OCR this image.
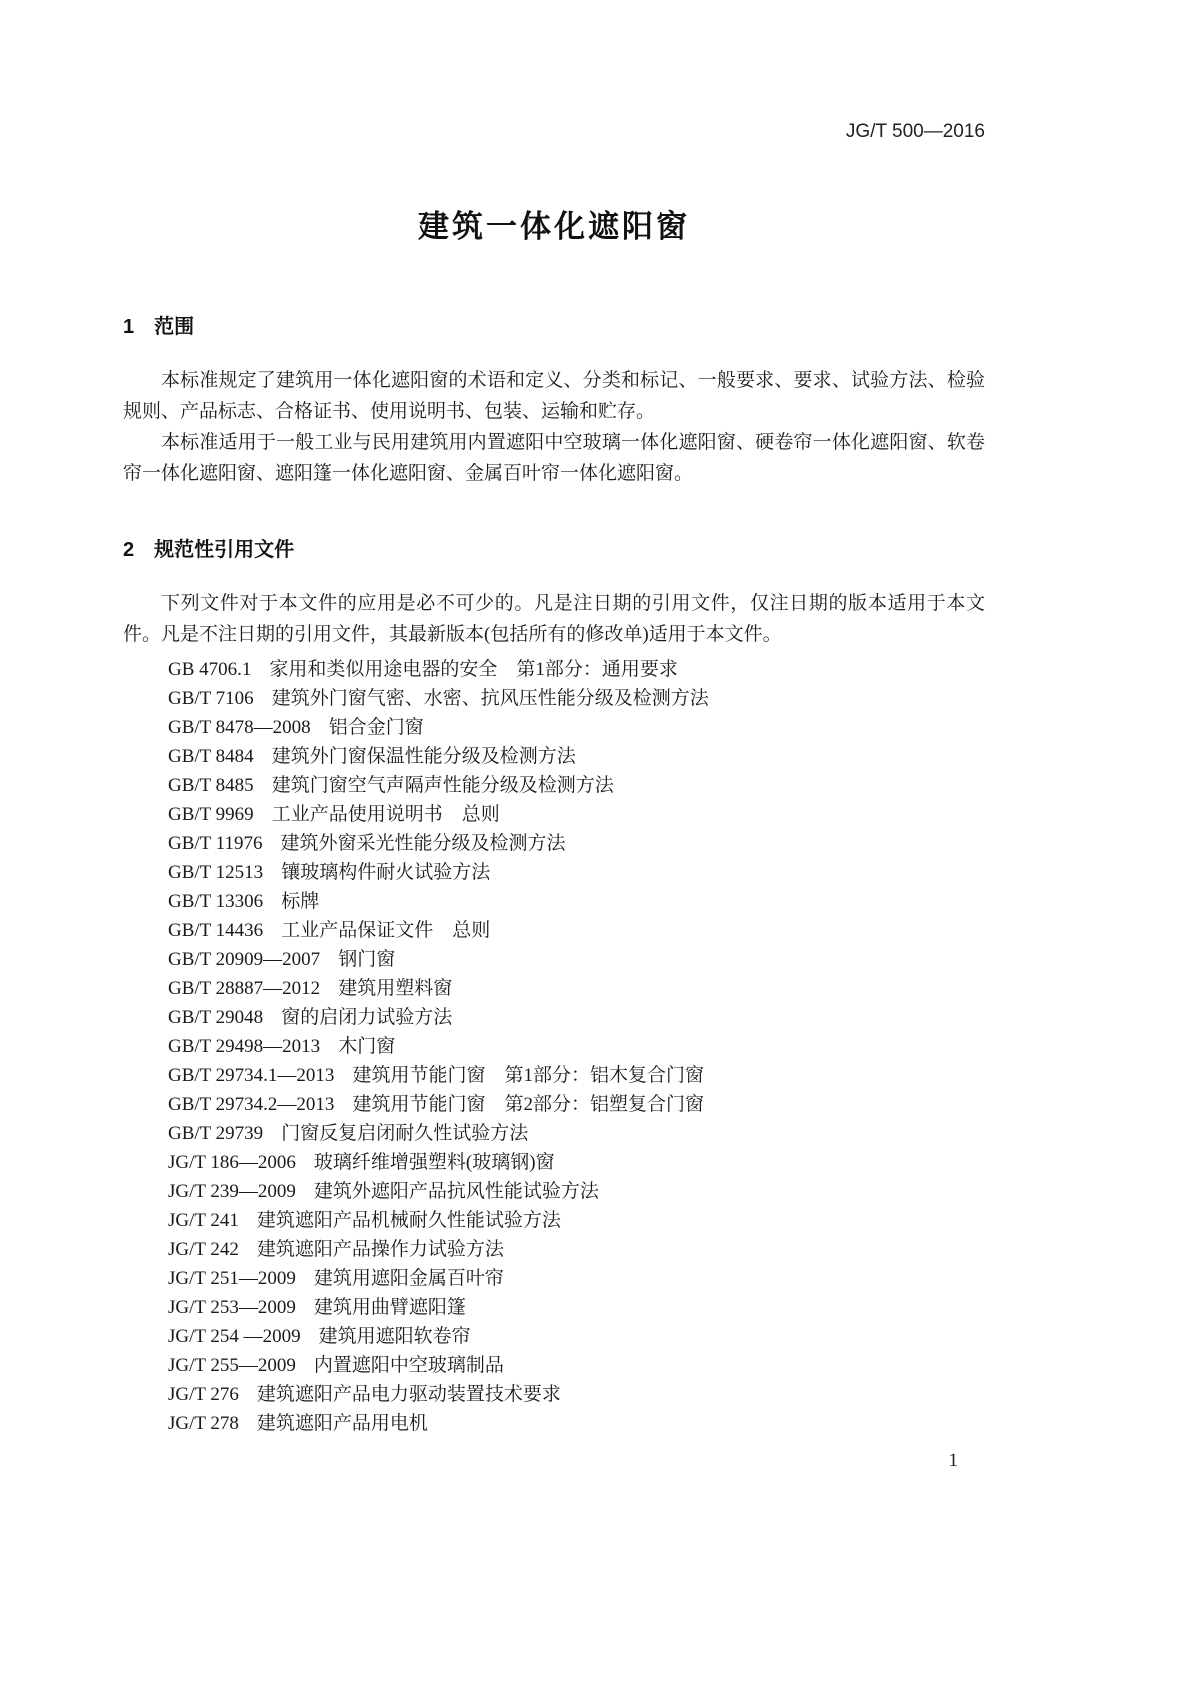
JG/T 500—2016
建筑一体化遮阳窗
1　范围

本标准规定了建筑用一体化遮阳窗的术语和定义、分类和标记、一般要求、要求、试验方法、检验规则、产品标志、合格证书、使用说明书、包装、运输和贮存。

本标准适用于一般工业与民用建筑用内置遮阳中空玻璃一体化遮阳窗、硬卷帘一体化遮阳窗、软卷帘一体化遮阳窗、遮阳篷一体化遮阳窗、金属百叶帘一体化遮阳窗。

2　规范性引用文件

下列文件对于本文件的应用是必不可少的。凡是注日期的引用文件，仅注日期的版本适用于本文件。凡是不注日期的引用文件，其最新版本(包括所有的修改单)适用于本文件。

GB 4706.1 家用和类似用途电器的安全　第1部分：通用要求
GB/T 7106 建筑外门窗气密、水密、抗风压性能分级及检测方法
GB/T 8478—2008 铝合金门窗
GB/T 8484 建筑外门窗保温性能分级及检测方法
GB/T 8485 建筑门窗空气声隔声性能分级及检测方法
GB/T 9969 工业产品使用说明书　总则
GB/T 11976 建筑外窗采光性能分级及检测方法
GB/T 12513 镶玻璃构件耐火试验方法
GB/T 13306 标牌
GB/T 14436 工业产品保证文件　总则
GB/T 20909—2007 钢门窗
GB/T 28887—2012 建筑用塑料窗
GB/T 29048 窗的启闭力试验方法
GB/T 29498—2013 木门窗
GB/T 29734.1—2013 建筑用节能门窗　第1部分：铝木复合门窗
GB/T 29734.2—2013 建筑用节能门窗　第2部分：铝塑复合门窗
GB/T 29739 门窗反复启闭耐久性试验方法
JG/T 186—2006 玻璃纤维增强塑料(玻璃钢)窗
JG/T 239—2009 建筑外遮阳产品抗风性能试验方法
JG/T 241 建筑遮阳产品机械耐久性能试验方法
JG/T 242 建筑遮阳产品操作力试验方法
JG/T 251—2009 建筑用遮阳金属百叶帘
JG/T 253—2009 建筑用曲臂遮阳篷
JG/T 254 —2009 建筑用遮阳软卷帘
JG/T 255—2009 内置遮阳中空玻璃制品
JG/T 276 建筑遮阳产品电力驱动装置技术要求
JG/T 278 建筑遮阳产品用电机
1
